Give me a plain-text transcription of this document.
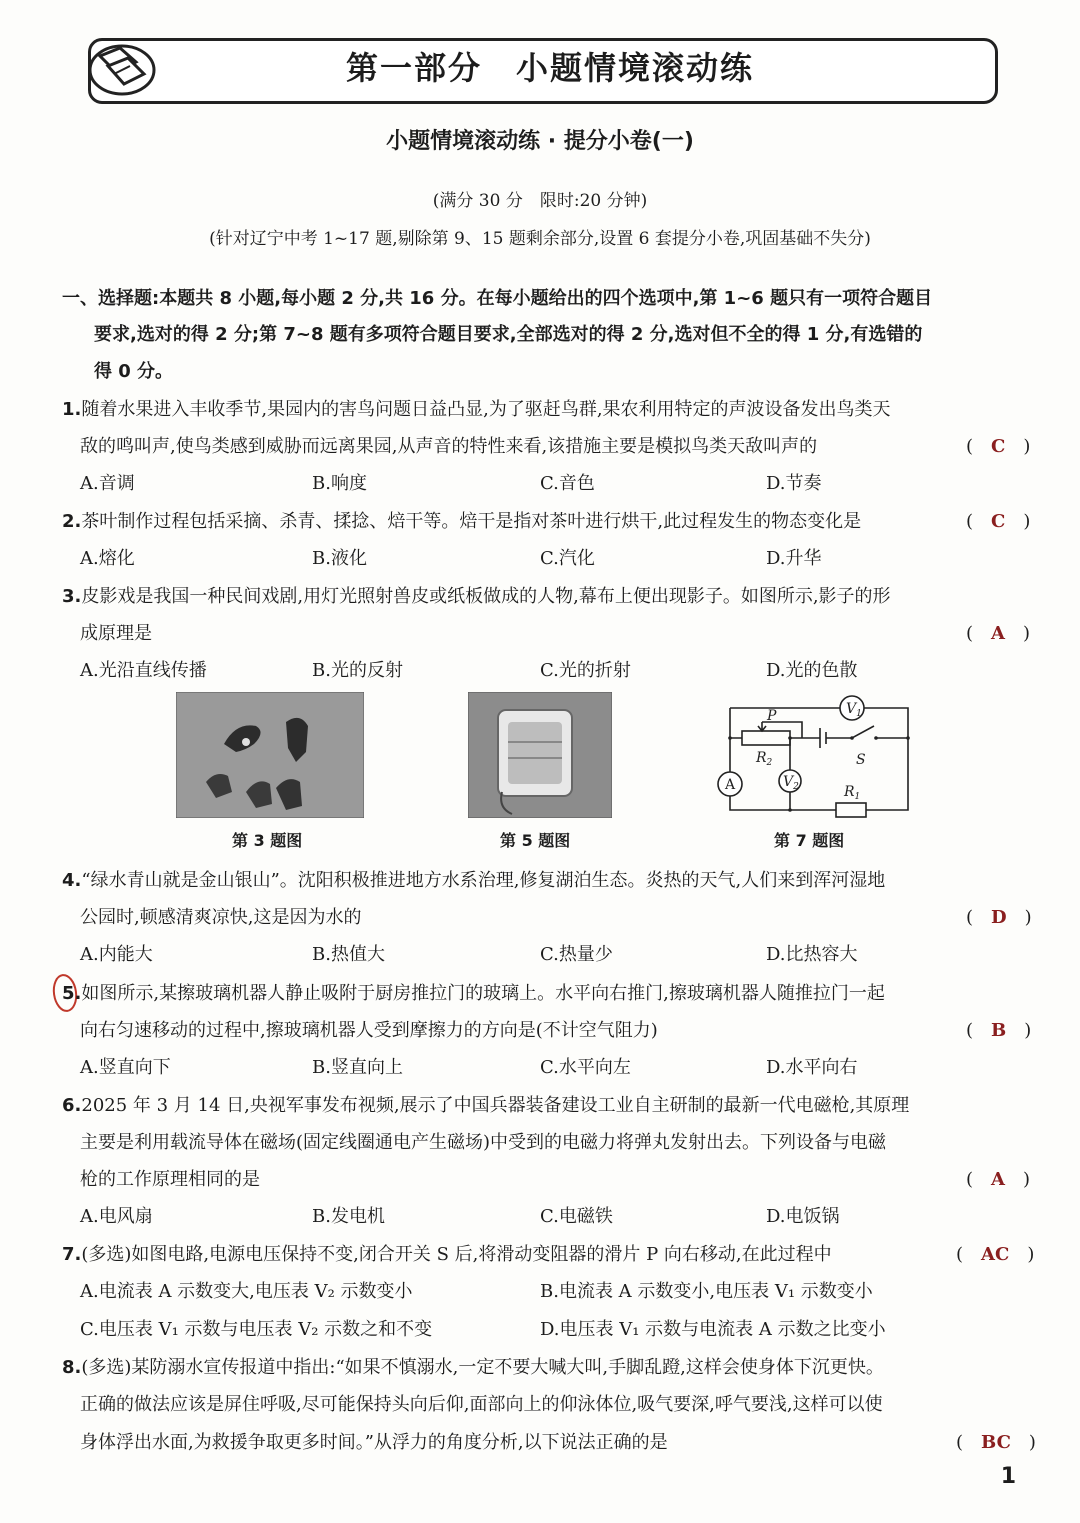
第一部分　小题情境滚动练
小题情境滚动练 · 提分小卷(一)
(满分 30 分　限时:20 分钟)
(针对辽宁中考 1~17 题,剔除第 9、15 题剩余部分,设置 6 套提分小卷,巩固基础不失分)
一、选择题:本题共 8 小题,每小题 2 分,共 16 分。在每小题给出的四个选项中,第 1~6 题只有一项符合题目
要求,选对的得 2 分;第 7~8 题有多项符合题目要求,全部选对的得 2 分,选对但不全的得 1 分,有选错的
得 0 分。
1.随着水果进入丰收季节,果园内的害鸟问题日益凸显,为了驱赶鸟群,果农利用特定的声波设备发出鸟类天
敌的鸣叫声,使鸟类感到威胁而远离果园,从声音的特性来看,该措施主要是模拟鸟类天敌叫声的	(　C　)
A.音调	B.响度	C.音色	D.节奏
2.茶叶制作过程包括采摘、杀青、揉捻、焙干等。焙干是指对茶叶进行烘干,此过程发生的物态变化是	(　C　)
A.熔化	B.液化	C.汽化	D.升华
3.皮影戏是我国一种民间戏剧,用灯光照射兽皮或纸板做成的人物,幕布上便出现影子。如图所示,影子的形
成原理是	(　A　)
A.光沿直线传播	B.光的反射	C.光的折射	D.光的色散
第 3 题图	第 5 题图
$V_1$
P
$R_2$	S
A	$V_2$	$R_1$
第 7 题图
4.“绿水青山就是金山银山”。沈阳积极推进地方水系治理,修复湖泊生态。炎热的天气,人们来到浑河湿地
公园时,顿感清爽凉快,这是因为水的	(　D　)
A.内能大	B.热值大	C.热量少	D.比热容大
5.如图所示,某擦玻璃机器人静止吸附于厨房推拉门的玻璃上。水平向右推门,擦玻璃机器人随推拉门一起
向右匀速移动的过程中,擦玻璃机器人受到摩擦力的方向是(不计空气阻力)	(　B　)
A.竖直向下	B.竖直向上	C.水平向左	D.水平向右
6.2025 年 3 月 14 日,央视军事发布视频,展示了中国兵器装备建设工业自主研制的最新一代电磁枪,其原理
主要是利用载流导体在磁场(固定线圈通电产生磁场)中受到的电磁力将弹丸发射出去。下列设备与电磁
枪的工作原理相同的是	(　A　)
A.电风扇	B.发电机	C.电磁铁	D.电饭锅
7.(多选)如图电路,电源电压保持不变,闭合开关 S 后,将滑动变阻器的滑片 P 向右移动,在此过程中	(　AC　)
A.电流表 A 示数变大,电压表 V₂ 示数变小	B.电流表 A 示数变小,电压表 V₁ 示数变小
C.电压表 V₁ 示数与电压表 V₂ 示数之和不变	D.电压表 V₁ 示数与电流表 A 示数之比变小
8.(多选)某防溺水宣传报道中指出:“如果不慎溺水,一定不要大喊大叫,手脚乱蹬,这样会使身体下沉更快。
正确的做法应该是屏住呼吸,尽可能保持头向后仰,面部向上的仰泳体位,吸气要深,呼气要浅,这样可以使
身体浮出水面,为救援争取更多时间。”从浮力的角度分析,以下说法正确的是	(　BC　)
1
